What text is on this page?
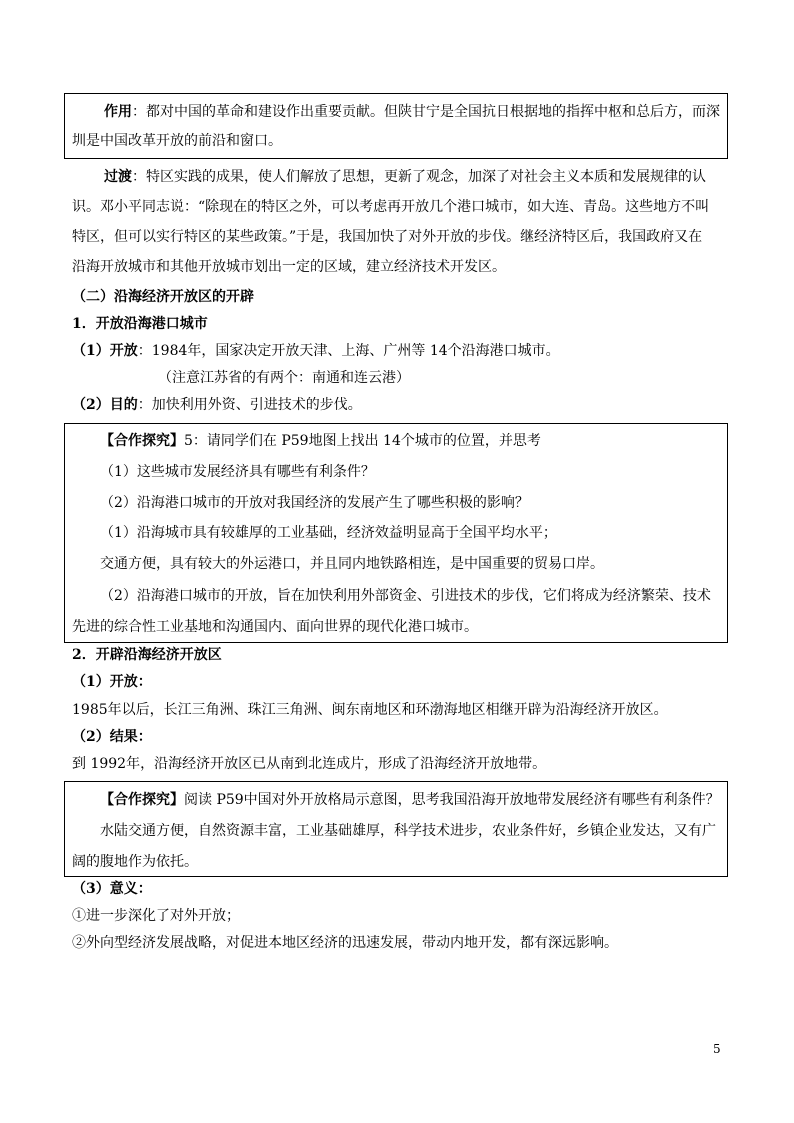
作用：都对中国的革命和建设作出重要贡献。但陕甘宁是全国抗日根据地的指挥中枢和总后方，而深
圳是中国改革开放的前沿和窗口。
过渡：特区实践的成果，使人们解放了思想，更新了观念，加深了对社会主义本质和发展规律的认
识。邓小平同志说：“除现在的特区之外，可以考虑再开放几个港口城市，如大连、青岛。这些地方不叫
特区，但可以实行特区的某些政策。”于是，我国加快了对外开放的步伐。继经济特区后，我国政府又在
沿海开放城市和其他开放城市划出一定的区域，建立经济技术开发区。
（二）沿海经济开放区的开辟
1．开放沿海港口城市
（1）开放：1984年，国家决定开放天津、上海、广州等 14个沿海港口城市。
（注意江苏省的有两个：南通和连云港）
（2）目的：加快利用外资、引进技术的步伐。
【合作探究】5：请同学们在 P59地图上找出 14个城市的位置，并思考
（1）这些城市发展经济具有哪些有利条件？
（2）沿海港口城市的开放对我国经济的发展产生了哪些积极的影响？
（1）沿海城市具有较雄厚的工业基础，经济效益明显高于全国平均水平；
交通方便，具有较大的外运港口，并且同内地铁路相连，是中国重要的贸易口岸。
（2）沿海港口城市的开放，旨在加快利用外部资金、引进技术的步伐，它们将成为经济繁荣、技术
先进的综合性工业基地和沟通国内、面向世界的现代化港口城市。
2．开辟沿海经济开放区
（1）开放：
1985年以后，长江三角洲、珠江三角洲、闽东南地区和环渤海地区相继开辟为沿海经济开放区。
（2）结果：
到 1992年，沿海经济开放区已从南到北连成片，形成了沿海经济开放地带。
【合作探究】阅读 P59中国对外开放格局示意图，思考我国沿海开放地带发展经济有哪些有利条件？
水陆交通方便，自然资源丰富，工业基础雄厚，科学技术进步，农业条件好，乡镇企业发达，又有广
阔的腹地作为依托。
（3）意义：
①进一步深化了对外开放；
②外向型经济发展战略，对促进本地区经济的迅速发展，带动内地开发，都有深远影响。
5
